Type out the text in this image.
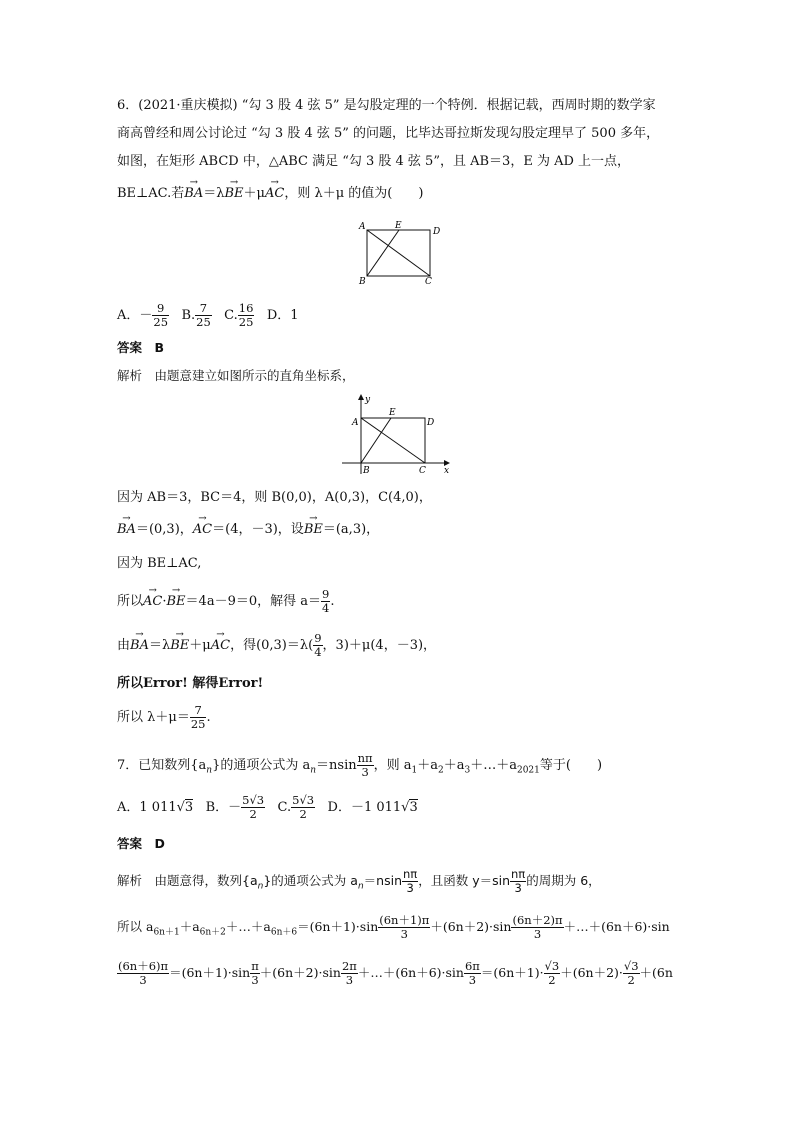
6．(2021·重庆模拟) “勾 3 股 4 弦 5” 是勾股定理的一个特例．根据记载，西周时期的数学家
商高曾经和周公讨论过 “勾 3 股 4 弦 5” 的问题，比毕达哥拉斯发现勾股定理早了 500 多年，
如图，在矩形 ABCD 中，△ABC 满足 “勾 3 股 4 弦 5”，且 AB＝3，E 为 AD 上一点，
BE⊥AC.若→ BA＝λ→ BE＋μ→ AC，则 λ＋μ 的值为(　　)
A	E
D
B	C
A．－ $\frac{9}{25} B$. $\frac{7}{25} C$. $\frac{16}{25}$ D．1
答案　B
解析　由题意建立如图所示的直角坐标系，
y
A
E
D
B	C x
因为 AB＝3，BC＝4，则 B(0,0)，A(0,3)，C(4,0)，
→ BA＝(0,3)，→ AC＝(4，－3)，设→ BE＝(a,3)，
因为 BE⊥AC,
所以→ AC·→ BE＝4a－9＝0，解得 $a= \frac{9}{4}$ .
由→ BA＝λ→ BE＋μ→ AC，得$(0,3)=\lambda( \frac{9}{4}$ ，3)＋μ(4，－3)，
所以Error! 解得Error!
所以 $\lambda+\mu= \frac{7}{25}$ .
7．已知数列$\{a_n\}$的通项公式为 $a_n=nsin \frac{n\pi}{3}$ ，则 $a_1+a_2+a_3+\dots+a_{2021}$等于(　　)
A．1 011√3 B．－ $\frac{5√3}{2} C$. $\frac{5√3}{2}$ D．－1 011√3
答案　D
解析　由题意得，数列$\{a_n\}$的通项公式为 $a_n=nsin \frac{n\pi}{3}$ ，且函数 $y=\sin \frac{n\pi}{3}$ 的周期为 6，
所以 $a_{6n+1}+a_{6n+2}+\dots+a_{6n+6}=(6n+1)\cdot\sin \frac{(6n+1)\pi}{3} +(6n+2)\cdot\sin \frac{(6n+2)\pi}{3}$ ＋…＋(6n＋6)·sin
$\frac{(6n+6)\pi}{3} =(6n+1)\cdot\sin \frac{\pi}{3} +(6n+2)\cdot\sin \frac{2\pi}{3}$ ＋…＋(6n＋6)·sin $\frac{6\pi}{3} =(6n+1)\cdot \frac{√3}{2} +(6n+2)\cdot \frac{√3}{2} +(6n$
